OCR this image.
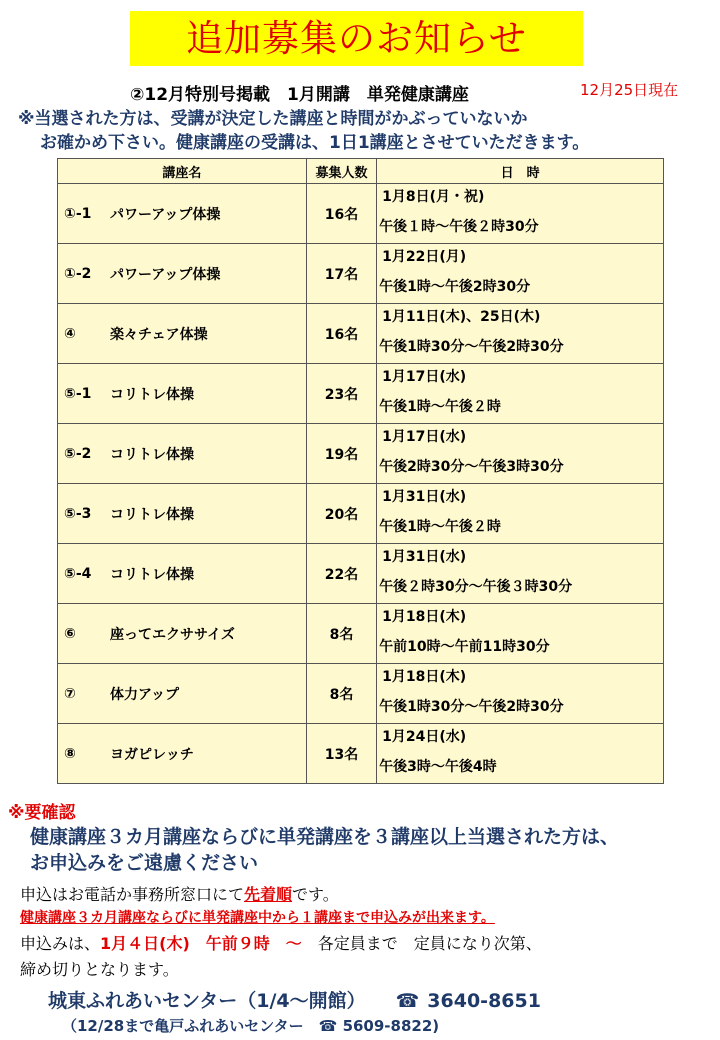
追加募集のお知らせ
②12月特別号掲載　1月開講　単発健康講座	12月25日現在
※当選された方は、受講が決定した講座と時間がかぶっていないか
お確かめ下さい。健康講座の受講は、1日1講座とさせていただきます。
講座名	募集人数	日　時

①-1 パワーアップ体操	16名	1月8日(月・祝)
午後１時～午後２時30分

①-2 パワーアップ体操	17名	1月22日(月)
午後1時～午後2時30分

④ 楽々チェア体操	16名	1月11日(木)、25日(木)
午後1時30分～午後2時30分

⑤-1 コリトレ体操	23名	1月17日(水)
午後1時～午後２時

⑤-2 コリトレ体操	19名	1月17日(水)
午後2時30分～午後3時30分

⑤-3 コリトレ体操	20名	1月31日(水)
午後1時～午後２時

⑤-4 コリトレ体操	22名	1月31日(水)
午後２時30分～午後３時30分

⑥ 座ってエクササイズ	8名	1月18日(木)
午前10時～午前11時30分

⑦ 体力アップ	8名	1月18日(木)
午後1時30分～午後2時30分

⑧ ヨガピレッチ	13名	1月24日(水)
午後3時～午後4時
※要確認
健康講座３カ月講座ならびに単発講座を３講座以上当選された方は、
お申込みをご遠慮ください
申込はお電話か事務所窓口にて先着順です。
健康講座３カ月講座ならびに単発講座中から１講座まで申込みが出来ます。
申込みは、1月４日(木)　午前９時　～　各定員まで　定員になり次第、
締め切りとなります。
城東ふれあいセンター（1/4～開館） ☎ 3640-8651
（12/28まで亀戸ふれあいセンター　☎ 5609-8822)
